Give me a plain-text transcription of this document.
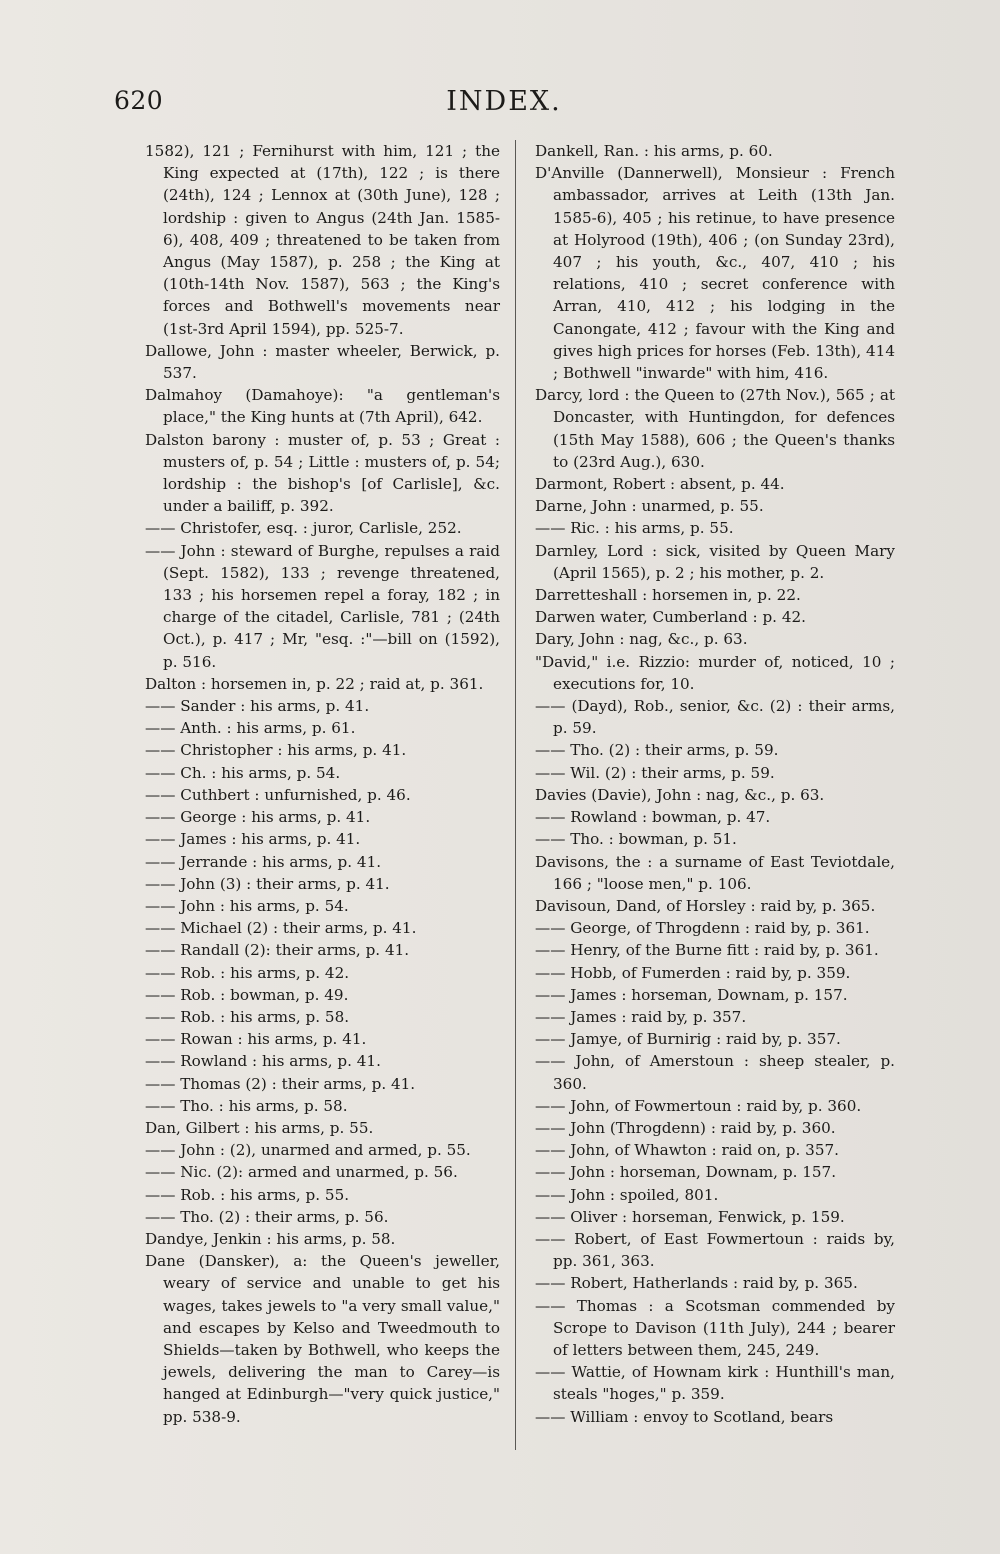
620	INDEX.

1582), 121 ; Fernihurst with him, 121 ; the King expected at (17th), 122 ; is there (24th), 124 ; Lennox at (30th June), 128 ; lordship : given to Angus (24th Jan. 1585-6), 408, 409 ; threatened to be taken from Angus (May 1587), p. 258 ; the King at (10th-14th Nov. 1587), 563 ; the King's forces and Bothwell's movements near (1st-3rd April 1594), pp. 525-7.

Dallowe, John : master wheeler, Berwick, p. 537.

Dalmahoy (Damahoye): "a gentleman's place," the King hunts at (7th April), 642.

Dalston barony : muster of, p. 53 ; Great : musters of, p. 54 ; Little : musters of, p. 54; lordship : the bishop's [of Carlisle], &c. under a bailiff, p. 392.

—— Christofer, esq. : juror, Carlisle, 252.

—— John : steward of Burghe, repulses a raid (Sept. 1582), 133 ; revenge threatened, 133 ; his horsemen repel a foray, 182 ; in charge of the citadel, Carlisle, 781 ; (24th Oct.), p. 417 ; Mr, "esq. :"—bill on (1592), p. 516.

Dalton : horsemen in, p. 22 ; raid at, p. 361.

—— Sander : his arms, p. 41.

—— Anth. : his arms, p. 61.

—— Christopher : his arms, p. 41.

—— Ch. : his arms, p. 54.

—— Cuthbert : unfurnished, p. 46.

—— George : his arms, p. 41.

—— James : his arms, p. 41.

—— Jerrande : his arms, p. 41.

—— John (3) : their arms, p. 41.

—— John : his arms, p. 54.

—— Michael (2) : their arms, p. 41.

—— Randall (2): their arms, p. 41.

—— Rob. : his arms, p. 42.

—— Rob. : bowman, p. 49.

—— Rob. : his arms, p. 58.

—— Rowan : his arms, p. 41.

—— Rowland : his arms, p. 41.

—— Thomas (2) : their arms, p. 41.

—— Tho. : his arms, p. 58.

Dan, Gilbert : his arms, p. 55.

—— John : (2), unarmed and armed, p. 55.

—— Nic. (2): armed and unarmed, p. 56.

—— Rob. : his arms, p. 55.

—— Tho. (2) : their arms, p. 56.

Dandye, Jenkin : his arms, p. 58.

Dane (Dansker), a: the Queen's jeweller, weary of service and unable to get his wages, takes jewels to "a very small value," and escapes by Kelso and Tweedmouth to Shields—taken by Bothwell, who keeps the jewels, delivering the man to Carey—is hanged at Edinburgh—"very quick justice," pp. 538-9.

Dankell, Ran. : his arms, p. 60.

D'Anville (Dannerwell), Monsieur : French ambassador, arrives at Leith (13th Jan. 1585-6), 405 ; his retinue, to have presence at Holyrood (19th), 406 ; (on Sunday 23rd), 407 ; his youth, &c., 407, 410 ; his relations, 410 ; secret conference with Arran, 410, 412 ; his lodging in the Canongate, 412 ; favour with the King and gives high prices for horses (Feb. 13th), 414 ; Bothwell "inwarde" with him, 416.

Darcy, lord : the Queen to (27th Nov.), 565 ; at Doncaster, with Huntingdon, for defences (15th May 1588), 606 ; the Queen's thanks to (23rd Aug.), 630.

Darmont, Robert : absent, p. 44.

Darne, John : unarmed, p. 55.

—— Ric. : his arms, p. 55.

Darnley, Lord : sick, visited by Queen Mary (April 1565), p. 2 ; his mother, p. 2.

Darretteshall : horsemen in, p. 22.

Darwen water, Cumberland : p. 42.

Dary, John : nag, &c., p. 63.

"David," i.e. Rizzio: murder of, noticed, 10 ; executions for, 10.

—— (Dayd), Rob., senior, &c. (2) : their arms, p. 59.

—— Tho. (2) : their arms, p. 59.

—— Wil. (2) : their arms, p. 59.

Davies (Davie), John : nag, &c., p. 63.

—— Rowland : bowman, p. 47.

—— Tho. : bowman, p. 51.

Davisons, the : a surname of East Teviotdale, 166 ; "loose men," p. 106.

Davisoun, Dand, of Horsley : raid by, p. 365.

—— George, of Throgdenn : raid by, p. 361.

—— Henry, of the Burne fitt : raid by, p. 361.

—— Hobb, of Fumerden : raid by, p. 359.

—— James : horseman, Downam, p. 157.

—— James : raid by, p. 357.

—— Jamye, of Burnirig : raid by, p. 357.

—— John, of Amerstoun : sheep stealer, p. 360.

—— John, of Fowmertoun : raid by, p. 360.

—— John (Throgdenn) : raid by, p. 360.

—— John, of Whawton : raid on, p. 357.

—— John : horseman, Downam, p. 157.

—— John : spoiled, 801.

—— Oliver : horseman, Fenwick, p. 159.

—— Robert, of East Fowmertoun : raids by, pp. 361, 363.

—— Robert, Hatherlands : raid by, p. 365.

—— Thomas : a Scotsman commended by Scrope to Davison (11th July), 244 ; bearer of letters between them, 245, 249.

—— Wattie, of Hownam kirk : Hunthill's man, steals "hoges," p. 359.

—— William : envoy to Scotland, bears
